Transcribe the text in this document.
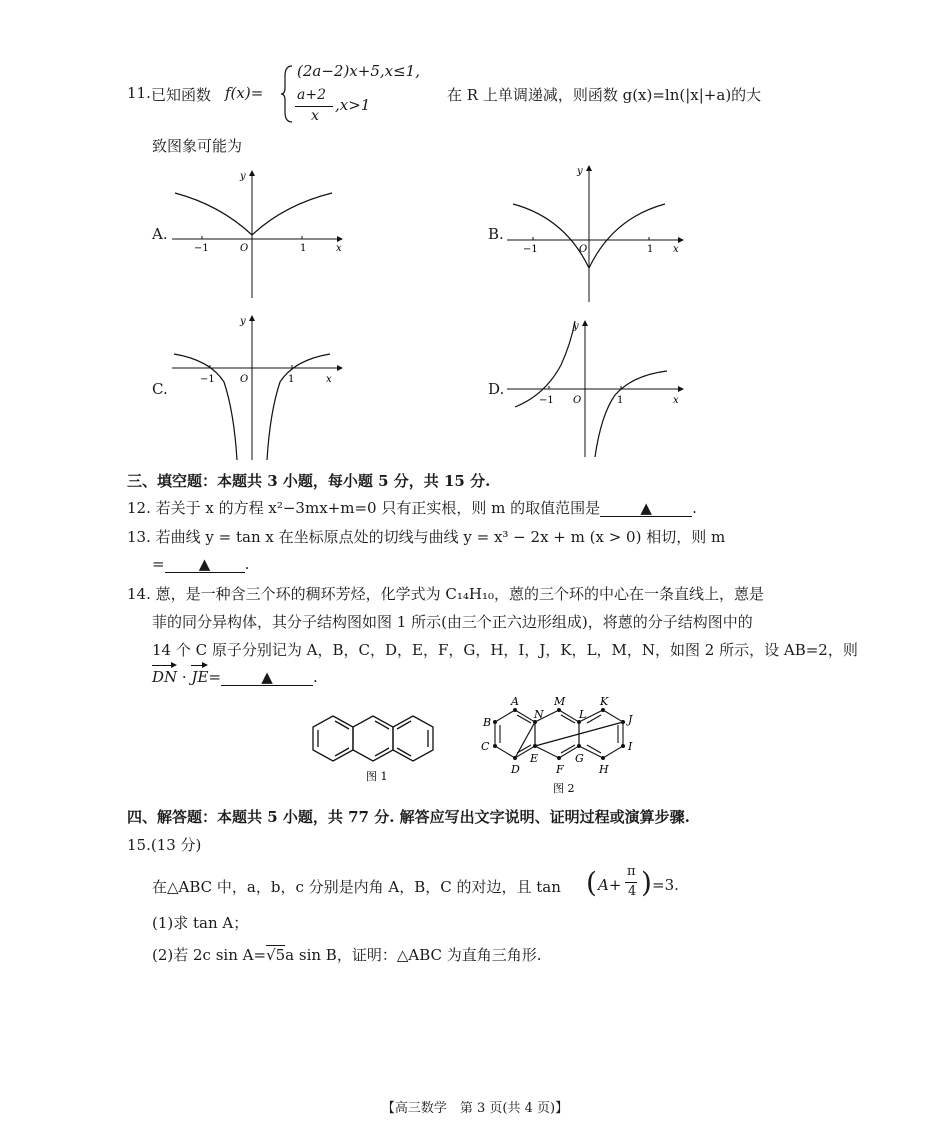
11. 已知函数 f(x)=
(2a−2)x+5,x≤1,
a+2
x
,x>1
在 R 上单调递减，则函数 g(x)=ln(|x|+a)的大
致图象可能为
A.	B.
C.	D.
−1	O	1	x
y
−1	O	1 x
y
−1	O	1	x
y
−1 O	1	x
y
三、填空题：本题共 3 小题，每小题 5 分，共 15 分.
12. 若关于 x 的方程 x²−3mx+m=0 只有正实根，则 m 的取值范围是	▲	.
13. 若曲线 y = tan x 在坐标原点处的切线与曲线 y = x³ − 2x + m (x > 0) 相切，则 m
= ▲ .
14. 蒽，是一种含三个环的稠环芳烃，化学式为 C₁₄H₁₀，蒽的三个环的中心在一条直线上，蒽是
菲的同分异构体，其分子结构图如图 1 所示(由三个正六边形组成)，将蒽的分子结构图中的
14 个 C 原子分别记为 A，B，C，D，E，F，G，H，I，J，K，L，M，N，如图 2 所示，设 AB=2，则
DN · JE=	▲	.
图 1
A	M	K
B
N	L	J
C	I
D
E
F
G
H
图 2
四、解答题：本题共 5 小题，共 77 分. 解答应写出文字说明、证明过程或演算步骤.
15.(13 分)
在△ABC 中，a，b，c 分别是内角 A，B，C 的对边，且 tan ( A+
π
4 ) =3.
(1)求 tan A；
(2)若 2c sin A=√5a sin B，证明：△ABC 为直角三角形.
【高三数学　第 3 页(共 4 页)】
